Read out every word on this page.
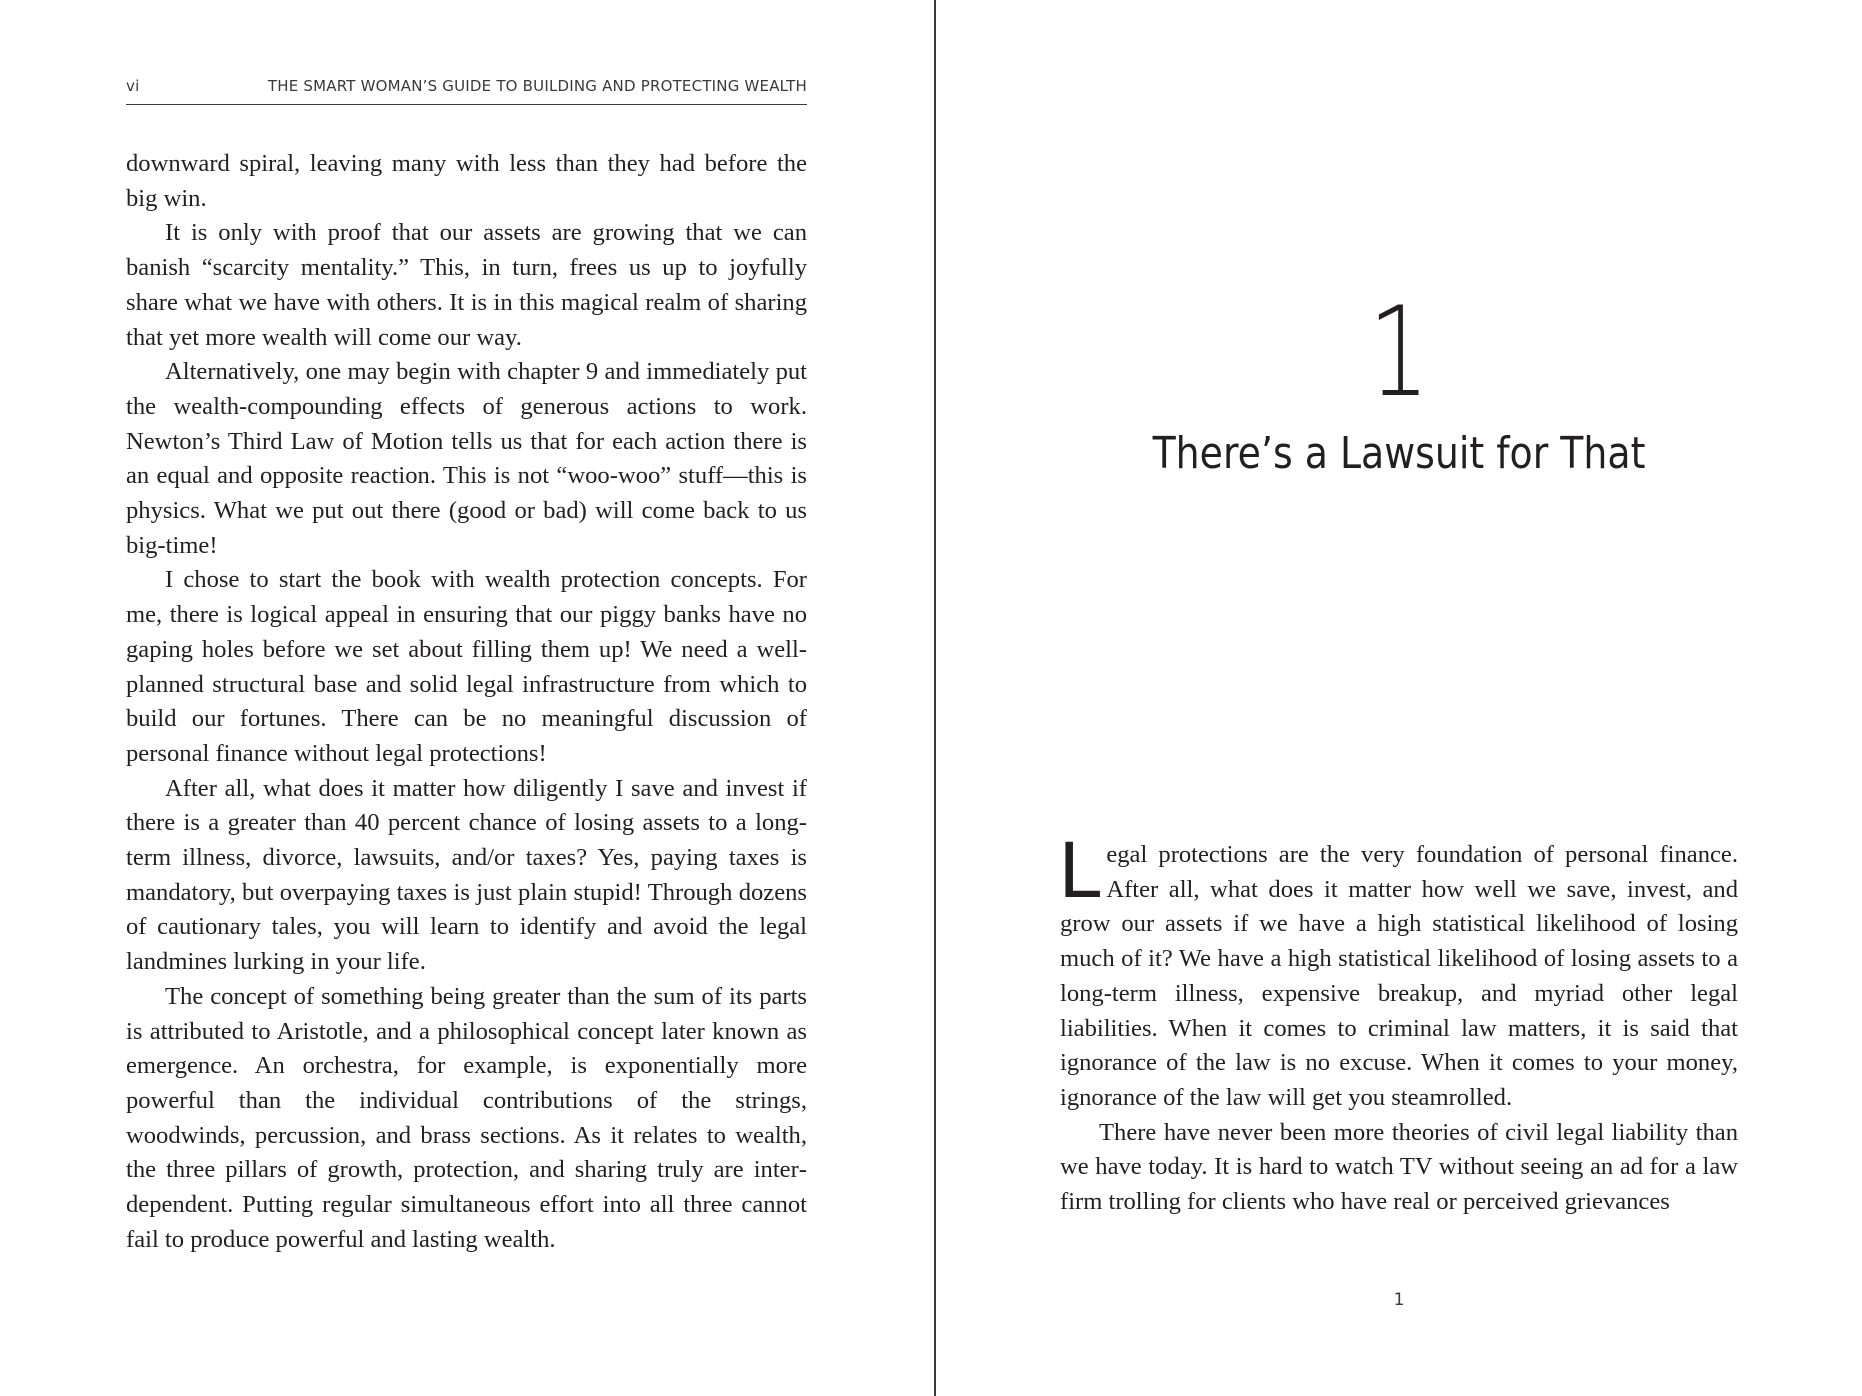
vi	THE SMART WOMAN’S GUIDE TO BUILDING AND PROTECTING WEALTH

downward spiral, leaving many with less than they had before the big win.

It is only with proof that our assets are growing that we can banish “scarcity mentality.” This, in turn, frees us up to joyfully share what we have with others. It is in this magical realm of sharing that yet more wealth will come our way.

Alternatively, one may begin with chapter 9 and immediately put the wealth-compounding effects of generous actions to work. Newton’s Third Law of Motion tells us that for each action there is an equal and opposite reaction. This is not “woo-woo” stuff—this is physics. What we put out there (good or bad) will come back to us big-time!

I chose to start the book with wealth protection concepts. For me, there is logical appeal in ensuring that our piggy banks have no gaping holes before we set about filling them up! We need a well-planned structural base and solid legal infrastructure from which to build our fortunes. There can be no meaningful discussion of personal finance without legal protections!

After all, what does it matter how diligently I save and invest if there is a greater than 40 percent chance of losing assets to a long-term illness, divorce, lawsuits, and/or taxes? Yes, paying taxes is mandatory, but overpaying taxes is just plain stupid! Through dozens of cautionary tales, you will learn to identify and avoid the legal landmines lurking in your life.

The concept of something being greater than the sum of its parts is attributed to Aristotle, and a philosophical concept later known as emergence. An orchestra, for example, is exponentially more powerful than the individual contributions of the strings, woodwinds, percussion, and brass sections. As it relates to wealth, the three pillars of growth, protection, and sharing truly are interdependent. Putting regular simultaneous effort into all three cannot fail to produce powerful and lasting wealth.

1
There’s a Lawsuit for That

Legal protections are the very foundation of personal finance. After all, what does it matter how well we save, invest, and grow our assets if we have a high statistical likelihood of losing much of it? We have a high statistical likelihood of losing assets to a long-term illness, expensive breakup, and myriad other legal liabilities. When it comes to criminal law matters, it is said that ignorance of the law is no excuse. When it comes to your money, ignorance of the law will get you steamrolled.

There have never been more theories of civil legal liability than we have today. It is hard to watch TV without seeing an ad for a law firm trolling for clients who have real or perceived grievances

1
